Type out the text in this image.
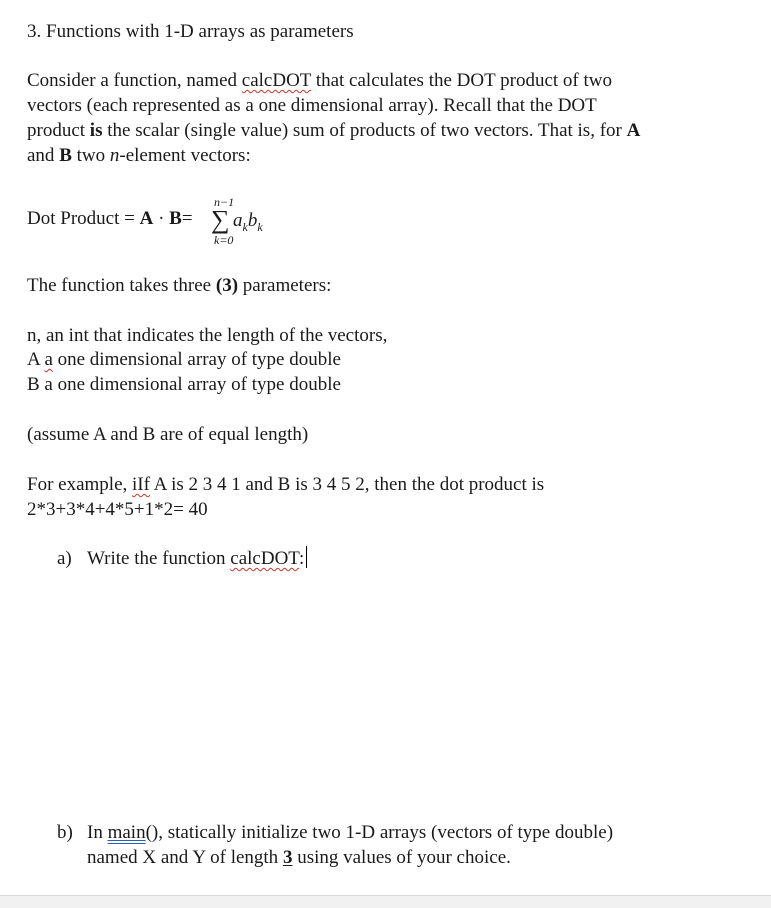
3. Functions with 1-D arrays as parameters
Consider a function, named calcDOT that calculates the DOT product of two
vectors (each represented as a one dimensional array). Recall that the DOT
product is the scalar (single value) sum of products of two vectors. That is, for A
and B two n-element vectors:
Dot Product = A · B=
n−1
∑
k=0
$a_kb_k$
The function takes three (3) parameters:
n, an int that indicates the length of the vectors,
A a one dimensional array of type double
B a one dimensional array of type double
(assume A and B are of equal length)
For example, iIf A is 2 3 4 1 and B is 3 4 5 2, then the dot product is
2*3+3*4+4*5+1*2= 40
a) Write the function calcDOT:
b) In main(), statically initialize two 1-D arrays (vectors of type double)
named X and Y of length 3 using values of your choice.
